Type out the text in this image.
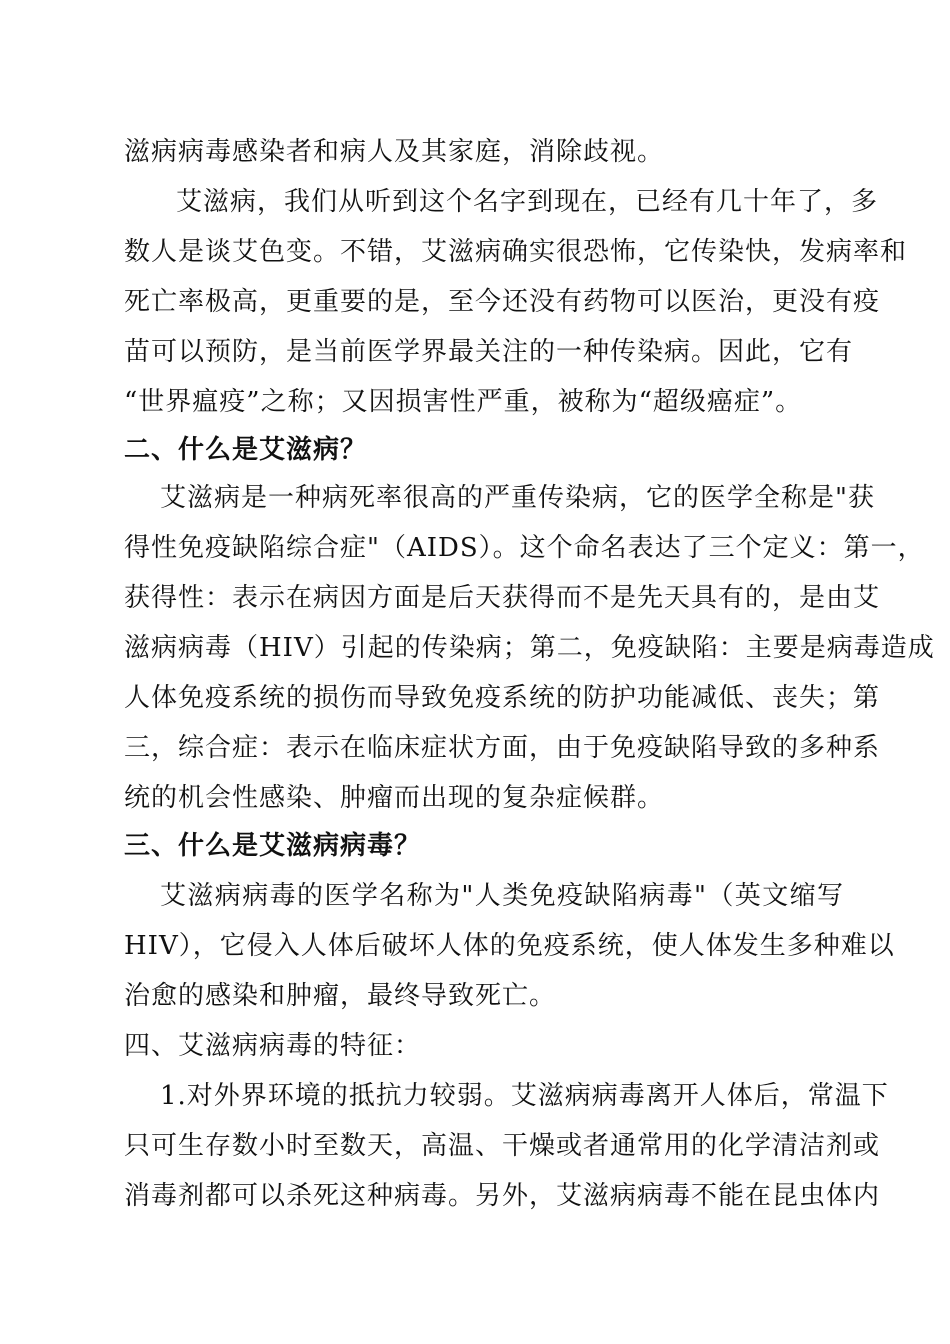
滋病病毒感染者和病人及其家庭，消除歧视。
艾滋病，我们从听到这个名字到现在，已经有几十年了，多
数人是谈艾色变。不错，艾滋病确实很恐怖，它传染快，发病率和
死亡率极高，更重要的是，至今还没有药物可以医治，更没有疫
苗可以预防，是当前医学界最关注的一种传染病。因此，它有
“世界瘟疫”之称；又因损害性严重，被称为“超级癌症”。
二、什么是艾滋病？
艾滋病是一种病死率很高的严重传染病，它的医学全称是"获
得性免疫缺陷综合症"（AIDS）。这个命名表达了三个定义：第一，
获得性：表示在病因方面是后天获得而不是先天具有的，是由艾
滋病病毒（HIV）引起的传染病；第二，免疫缺陷：主要是病毒造成
人体免疫系统的损伤而导致免疫系统的防护功能减低、丧失；第
三，综合症：表示在临床症状方面，由于免疫缺陷导致的多种系
统的机会性感染、肿瘤而出现的复杂症候群。
三、什么是艾滋病病毒？
艾滋病病毒的医学名称为"人类免疫缺陷病毒"（英文缩写
HIV），它侵入人体后破坏人体的免疫系统，使人体发生多种难以
治愈的感染和肿瘤，最终导致死亡。
四、艾滋病病毒的特征：
1.对外界环境的抵抗力较弱。艾滋病病毒离开人体后，常温下
只可生存数小时至数天，高温、干燥或者通常用的化学清洁剂或
消毒剂都可以杀死这种病毒。另外，艾滋病病毒不能在昆虫体内
